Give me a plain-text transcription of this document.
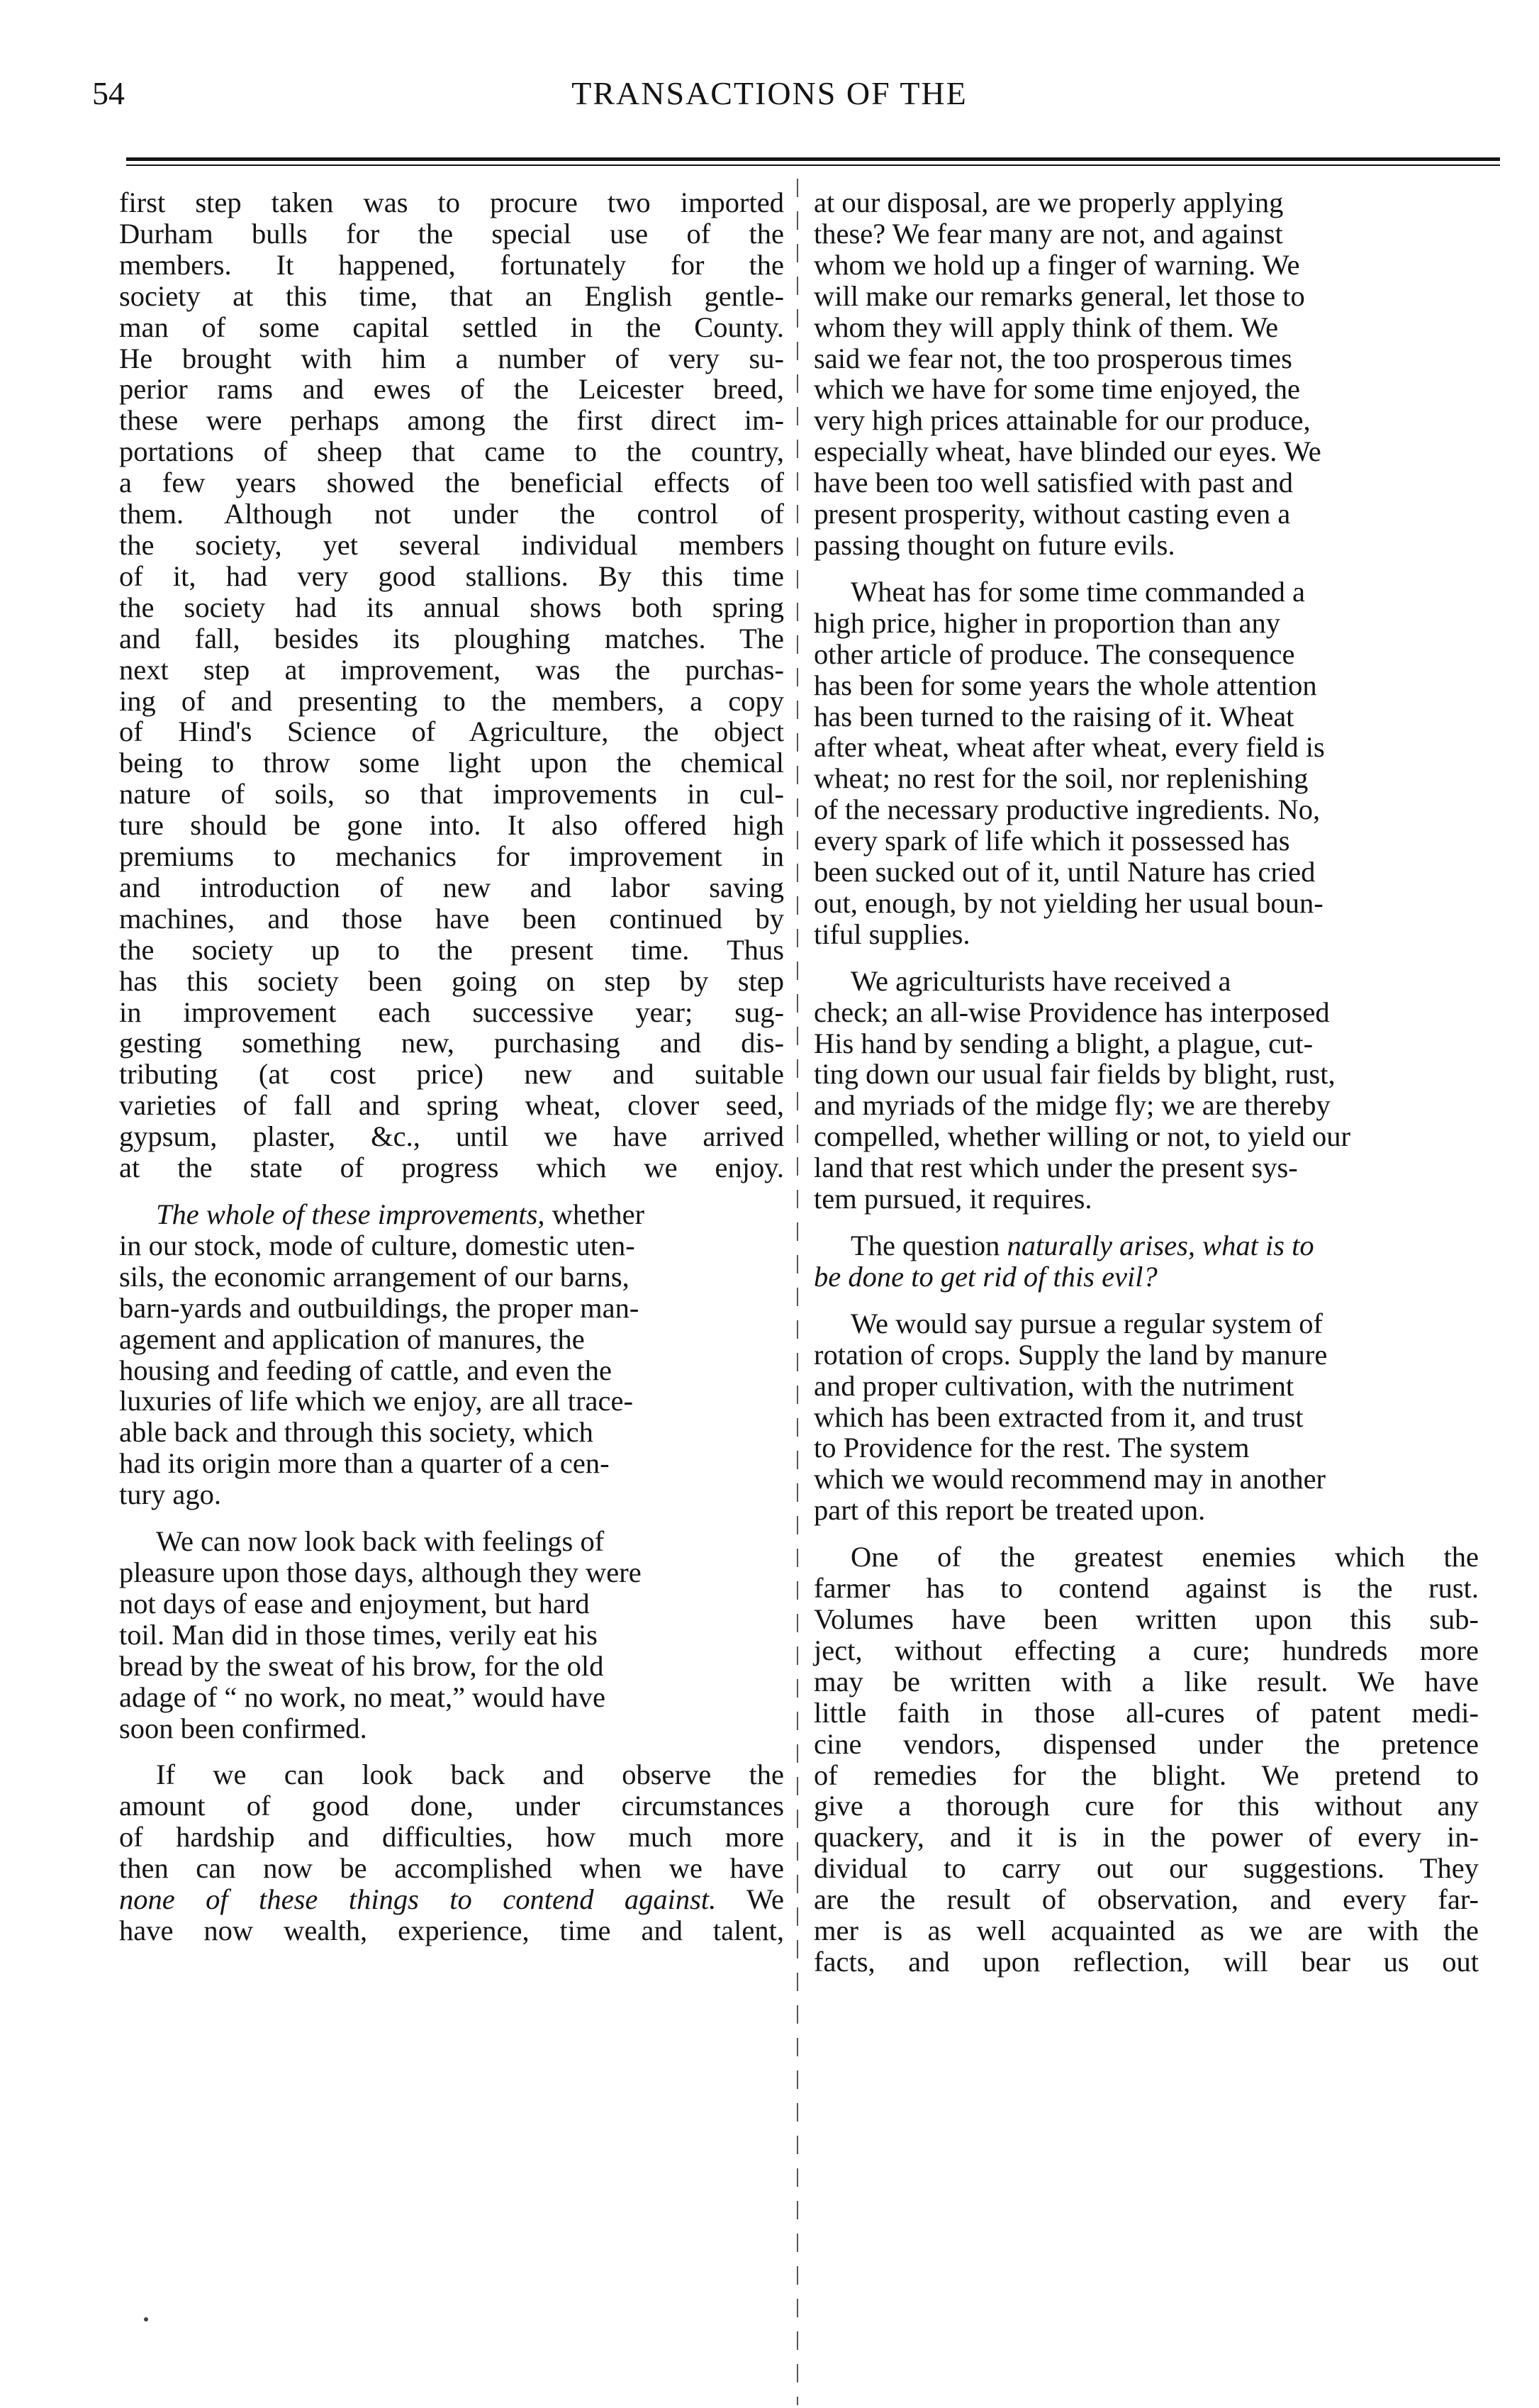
54	TRANSACTIONS OF THE

first step taken was to procure two imported
Durham bulls for the special use of the
members. It happened, fortunately for the
society at this time, that an English gentle-
man of some capital settled in the County.
He brought with him a number of very su-
perior rams and ewes of the Leicester breed,
these were perhaps among the first direct im-
portations of sheep that came to the country,
a few years showed the beneficial effects of
them. Although not under the control of
the society, yet several individual members
of it, had very good stallions. By this time
the society had its annual shows both spring
and fall, besides its ploughing matches. The
next step at improvement, was the purchas-
ing of and presenting to the members, a copy
of Hind's Science of Agriculture, the object
being to throw some light upon the chemical
nature of soils, so that improvements in cul-
ture should be gone into. It also offered high
premiums to mechanics for improvement in
and introduction of new and labor saving
machines, and those have been continued by
the society up to the present time. Thus
has this society been going on step by step
in improvement each successive year; sug-
gesting something new, purchasing and dis-
tributing (at cost price) new and suitable
varieties of fall and spring wheat, clover seed,
gypsum, plaster, &c., until we have arrived
at the state of progress which we enjoy.

The whole of these improvements, whether
in our stock, mode of culture, domestic uten-
sils, the economic arrangement of our barns,
barn-yards and outbuildings, the proper man-
agement and application of manures, the
housing and feeding of cattle, and even the
luxuries of life which we enjoy, are all trace-
able back and through this society, which
had its origin more than a quarter of a cen-
tury ago.

We can now look back with feelings of
pleasure upon those days, although they were
not days of ease and enjoyment, but hard
toil. Man did in those times, verily eat his
bread by the sweat of his brow, for the old
adage of “ no work, no meat,” would have
soon been confirmed.

If we can look back and observe the
amount of good done, under circumstances
of hardship and difficulties, how much more
then can now be accomplished when we have
none of these things to contend against. We
have now wealth, experience, time and talent,

at our disposal, are we properly applying
these? We fear many are not, and against
whom we hold up a finger of warning. We
will make our remarks general, let those to
whom they will apply think of them. We
said we fear not, the too prosperous times
which we have for some time enjoyed, the
very high prices attainable for our produce,
especially wheat, have blinded our eyes. We
have been too well satisfied with past and
present prosperity, without casting even a
passing thought on future evils.

Wheat has for some time commanded a
high price, higher in proportion than any
other article of produce. The consequence
has been for some years the whole attention
has been turned to the raising of it. Wheat
after wheat, wheat after wheat, every field is
wheat; no rest for the soil, nor replenishing
of the necessary productive ingredients. No,
every spark of life which it possessed has
been sucked out of it, until Nature has cried
out, enough, by not yielding her usual boun-
tiful supplies.

We agriculturists have received a
check; an all-wise Providence has interposed
His hand by sending a blight, a plague, cut-
ting down our usual fair fields by blight, rust,
and myriads of the midge fly; we are thereby
compelled, whether willing or not, to yield our
land that rest which under the present sys-
tem pursued, it requires.

The question naturally arises, what is to
be done to get rid of this evil?

We would say pursue a regular system of
rotation of crops. Supply the land by manure
and proper cultivation, with the nutriment
which has been extracted from it, and trust
to Providence for the rest. The system
which we would recommend may in another
part of this report be treated upon.

One of the greatest enemies which the
farmer has to contend against is the rust.
Volumes have been written upon this sub-
ject, without effecting a cure; hundreds more
may be written with a like result. We have
little faith in those all-cures of patent medi-
cine vendors, dispensed under the pretence
of remedies for the blight. We pretend to
give a thorough cure for this without any
quackery, and it is in the power of every in-
dividual to carry out our suggestions. They
are the result of observation, and every far-
mer is as well acquainted as we are with the
facts, and upon reflection, will bear us out
